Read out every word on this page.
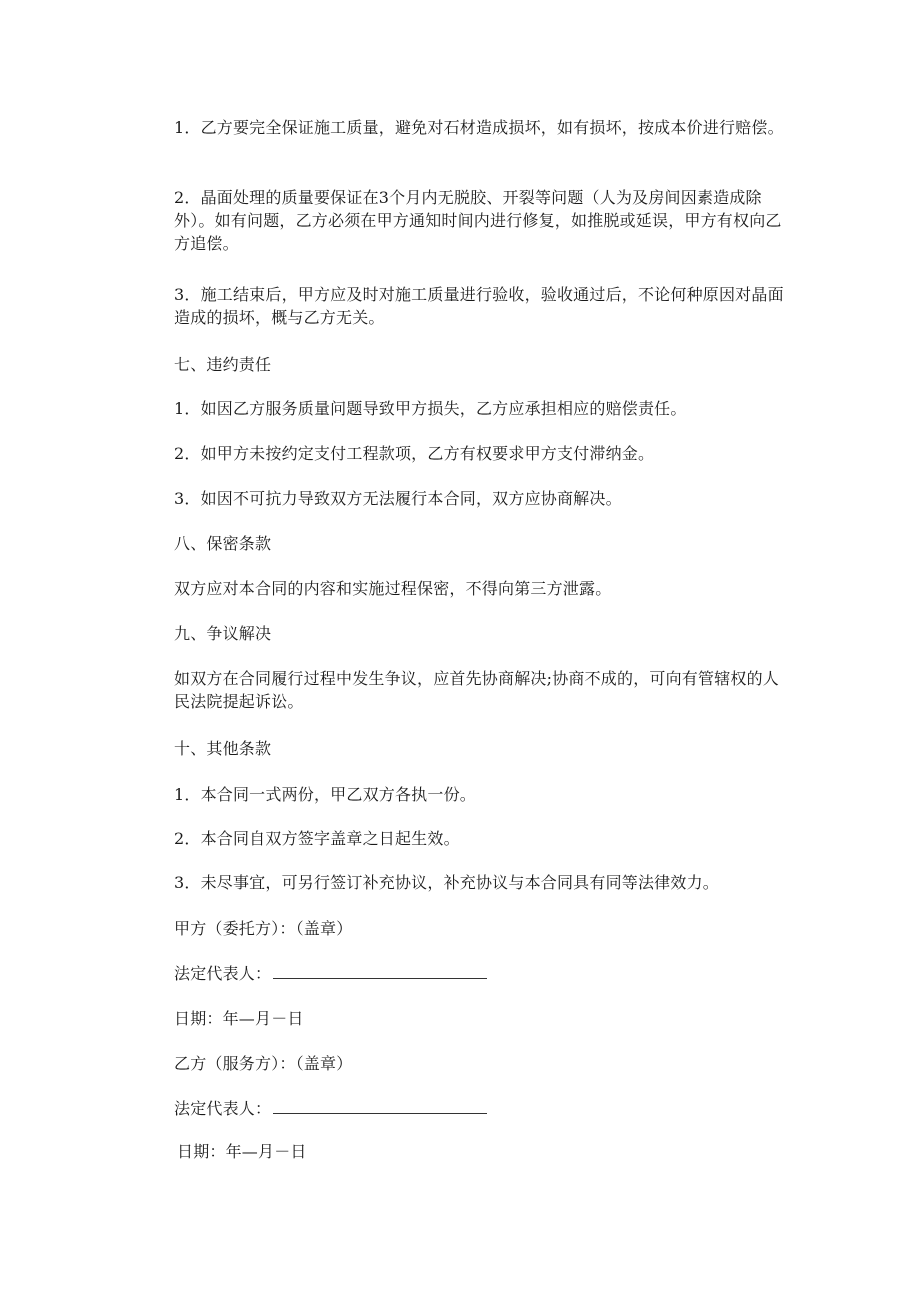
1．乙方要完全保证施工质量，避免对石材造成损坏，如有损坏，按成本价进行赔偿。

2．晶面处理的质量要保证在3个月内无脱胶、开裂等问题（人为及房间因素造成除外）。如有问题，乙方必须在甲方通知时间内进行修复，如推脱或延误，甲方有权向乙方追偿。

3．施工结束后，甲方应及时对施工质量进行验收，验收通过后，不论何种原因对晶面造成的损坏，概与乙方无关。

七、违约责任

1．如因乙方服务质量问题导致甲方损失，乙方应承担相应的赔偿责任。

2．如甲方未按约定支付工程款项，乙方有权要求甲方支付滞纳金。

3．如因不可抗力导致双方无法履行本合同，双方应协商解决。

八、保密条款

双方应对本合同的内容和实施过程保密，不得向第三方泄露。

九、争议解决

如双方在合同履行过程中发生争议，应首先协商解决;协商不成的，可向有管辖权的人民法院提起诉讼。

十、其他条款

1．本合同一式两份，甲乙双方各执一份。

2．本合同自双方签字盖章之日起生效。

3．未尽事宜，可另行签订补充协议，补充协议与本合同具有同等法律效力。

甲方（委托方）：（盖章）

法定代表人：

日期：年—月－日

乙方（服务方）：（盖章）

法定代表人：

日期：年—月－日
